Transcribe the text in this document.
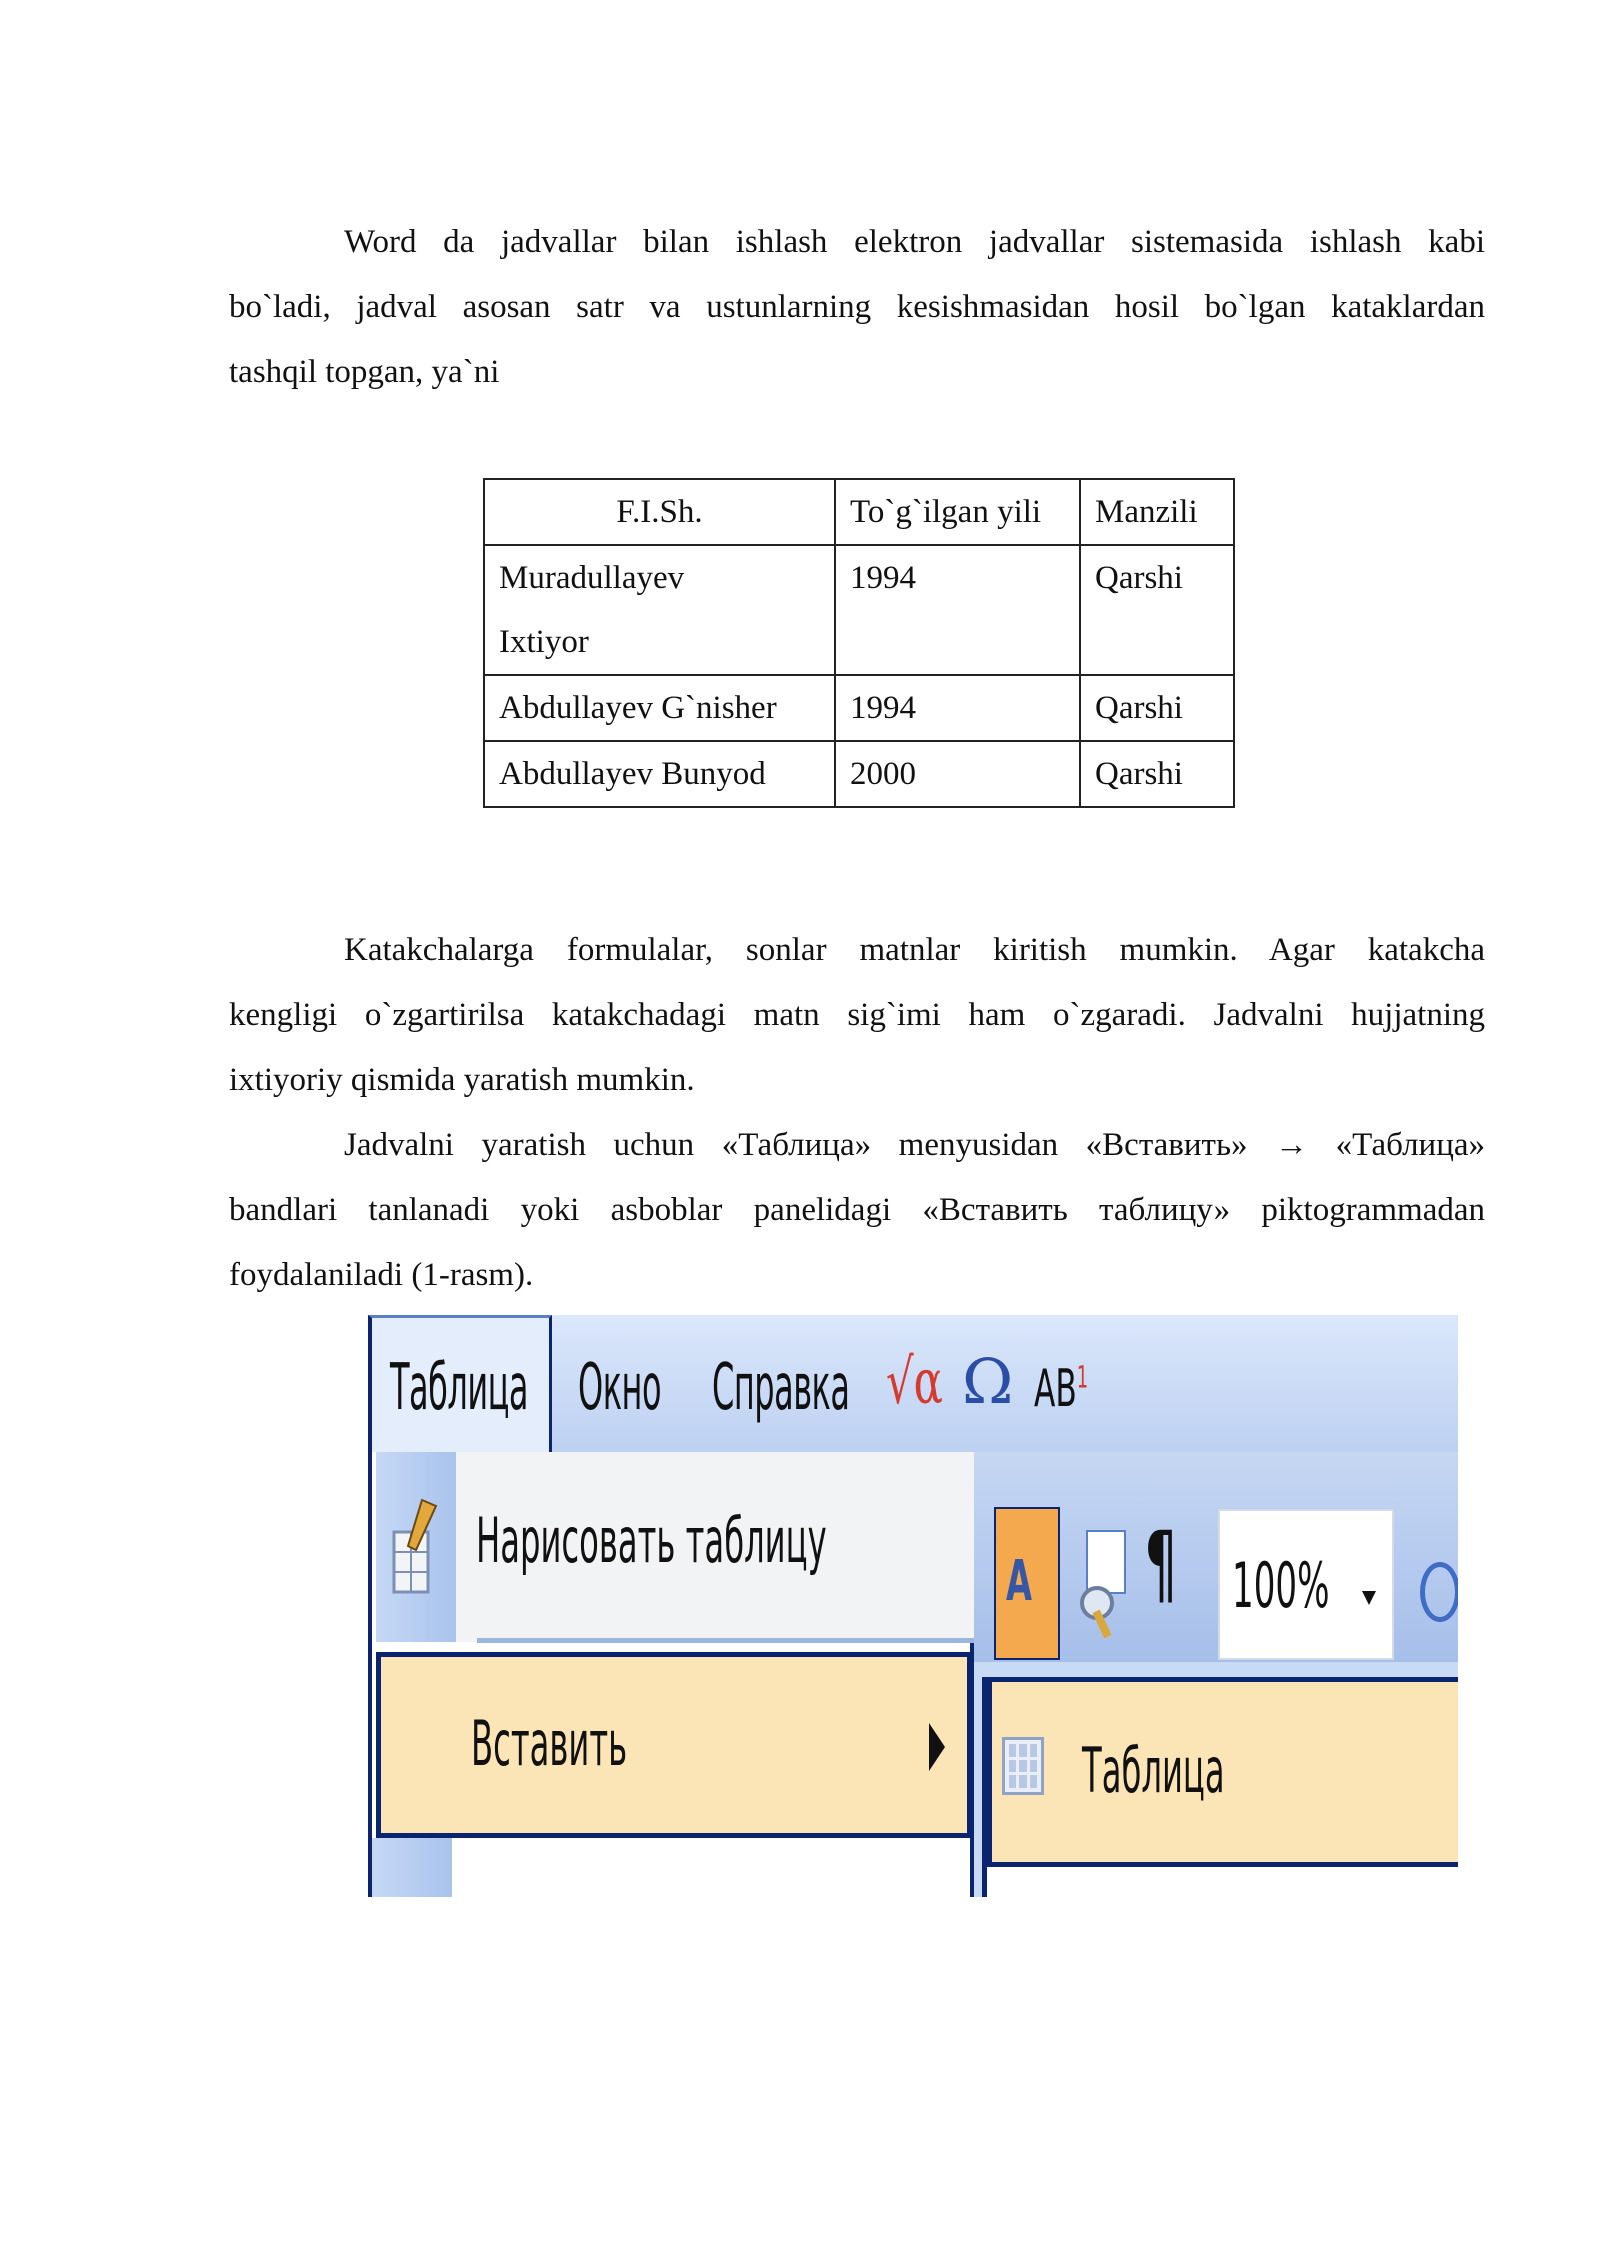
Word da jadvallar bilan ishlash elektron jadvallar sistemasida ishlash kabi
bo`ladi, jadval asosan satr va ustunlarning kesishmasidan hosil bo`lgan kataklardan
tashqil topgan, ya`ni

F.I.Sh.	To`g`ilgan yili	Manzili
Muradullayev Ixtiyor	1994	Qarshi
Abdullayev G`nisher	1994	Qarshi
Abdullayev Bunyod	2000	Qarshi

Katakchalarga formulalar, sonlar matnlar kiritish mumkin. Agar katakcha
kengligi o`zgartirilsa katakchadagi matn sig`imi ham o`zgaradi. Jadvalni hujjatning
ixtiyoriy qismida yaratish mumkin.

Jadvalni yaratish uchun «Таблица» menyusidan «Вставить» → «Таблица»
bandlari tanlanadi yoki asboblar panelidagi «Вставить таблицу» piktogrammadan
foydalaniladi (1-rasm).

Таблица Окно Справка √α Ω $AB^1$
A ¶ 100%
Нарисовать таблицу
Вставить	Таблица
